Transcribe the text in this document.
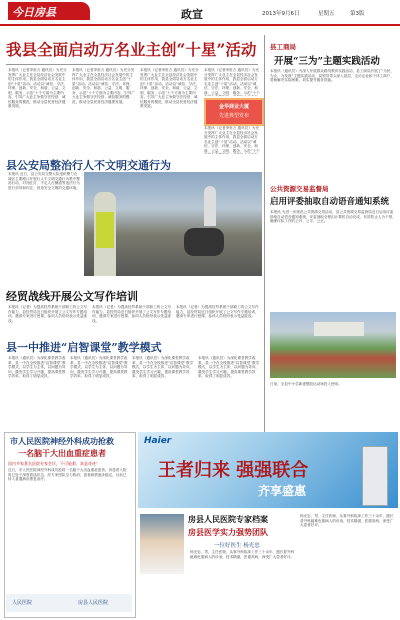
今日房县	政宣	2013年9月6日	星期五	第3版
我县全面启动万名业主创“十星”活动
本报讯（记者李世万 通讯员）为充分发挥广大业主在全县经济社会发展中的主体作用，我县全面启动万名业主创“十星”活动。活动以“诚信、守法、环保、创新、安全、和谐、公益、文明、服务、示范”十个方面为主要内容，引导广大业主争做守法经营、诚信服务的模范，推动全县民营经济健康发展。
本报讯（记者李世万 通讯员）为充分发挥广大业主在全县经济社会发展中的主体作用，我县全面启动万名业主创“十星”活动。活动以“诚信、守法、环保、创新、安全、和谐、公益、文明、服务、示范”十个方面为主要内容，引导广大业主争做守法经营、诚信服务的模范，推动全县民营经济健康发展。
本报讯（记者李世万 通讯员）为充分发挥广大业主在全县经济社会发展中的主体作用，我县全面启动万名业主创“十星”活动。活动以“诚信、守法、环保、创新、安全、和谐、公益、文明、服务、示范”十个方面为主要内容，引导广大业主争做守法经营、诚信服务的模范，推动全县民营经济健康发展。
本报讯（记者李世万 通讯员）为充分发挥广大业主在全县经济社会发展中的主体作用，我县全面启动万名业主创“十星”活动。活动以“诚信、守法、环保、创新、安全、和谐、公益、文明、服务、示范”十个
金华商业大厦
先进典型发布
本报讯（记者李世万 通讯员）为充分发挥广大业主在全县经济社会发展中的主体作用，我县全面启动万名业主创“十星”活动。活动以“诚信、守法、环保、创新、安全、和谐、公益、文明、服务、示范”十个
县公安局整治行人不文明交通行为
本报讯 近日，县公安局交警大队组织警力在城区主要路口开展行人不文明交通行为集中整治行动，对闯红灯、不走人行横道等违法行为进行劝导和纠正，营造安全文明的交通环境。
经贸战线开展公文写作培训
本报讯（记者）为提高经贸系统干部职工的公文写作能力，县经贸局近日组织开展了公文写作专题培训，邀请专家进行授课，参训人员纷纷表示受益匪浅。
本报讯（记者）为提高经贸系统干部职工的公文写作能力，县经贸局近日组织开展了公文写作专题培训，邀请专家进行授课，参训人员纷纷表示受益匪浅。
本报讯（记者）为提高经贸系统干部职工的公文写作能力，县经贸局近日组织开展了公文写作专题培训，邀请专家进行授课，参训人员纷纷表示受益匪浅。
县一中推进“启智课堂”教学模式
本报讯（通讯员）为深化课堂教学改革，县一中在全校推进“启智课堂”教学模式，以学生为主体，以问题为导向，激发学生学习兴趣，提高课堂教学效率，取得了明显成效。
本报讯（通讯员）为深化课堂教学改革，县一中在全校推进“启智课堂”教学模式，以学生为主体，以问题为导向，激发学生学习兴趣，提高课堂教学效率，取得了明显成效。
本报讯（通讯员）为深化课堂教学改革，县一中在全校推进“启智课堂”教学模式，以学生为主体，以问题为导向，激发学生学习兴趣，提高课堂教学效率，取得了明显成效。
本报讯（通讯员）为深化课堂教学改革，县一中在全校推进“启智课堂”教学模式，以学生为主体，以问题为导向，激发学生学习兴趣，提高课堂教学效率，取得了明显成效。
县工商局
开展“三为”主题实践活动
本报讯（通讯员）为深入开展群众路线教育实践活动，县工商局开展了“为民、为企、为发展”主题实践活动，局领导带头深入基层，走访企业和个体工商户，帮助解决实际困难，切实提升服务效能。
公共资源交易监督局
启用评委抽取自动语音通知系统
本报讯 为进一步规范公共资源交易活动，县公共资源交易监督局近日启用评委抽取自动语音通知系统，评委抽取全程由计算机自动完成，有效防止人为干预，确保评标工作的公开、公平、公正。
日前，全县中小学新建塑胶运动场投入使用。
市人民医院神经外科成功抢救
一名脑干大出血重症患者
国内多家著名医院专家会诊，不可能救，真是奇迹！
近日，市人民医院神经外科成功抢救一名脑干大出血重症患者。该患者入院时已处于深度昏迷状态，经专家团队全力救治，患者病情逐步稳定，目前已转入普通病房康复治疗。
人民医院	房县人民医院
Haier
王者归来 强强联合
齐享盛惠
房县人民医院专家档案
房县医学实力强势团队
一位好医生 杨光忠
杨光忠，男，主任医师，从事外科临床工作三十余年，擅长普外科疑难危重病人的诊治，技术精湛，医德高尚，深受广大患者好评。
杨光忠，男，主任医师，从事外科临床工作三十余年，擅长普外科疑难危重病人的诊治，技术精湛，医德高尚，深受广大患者好评。
